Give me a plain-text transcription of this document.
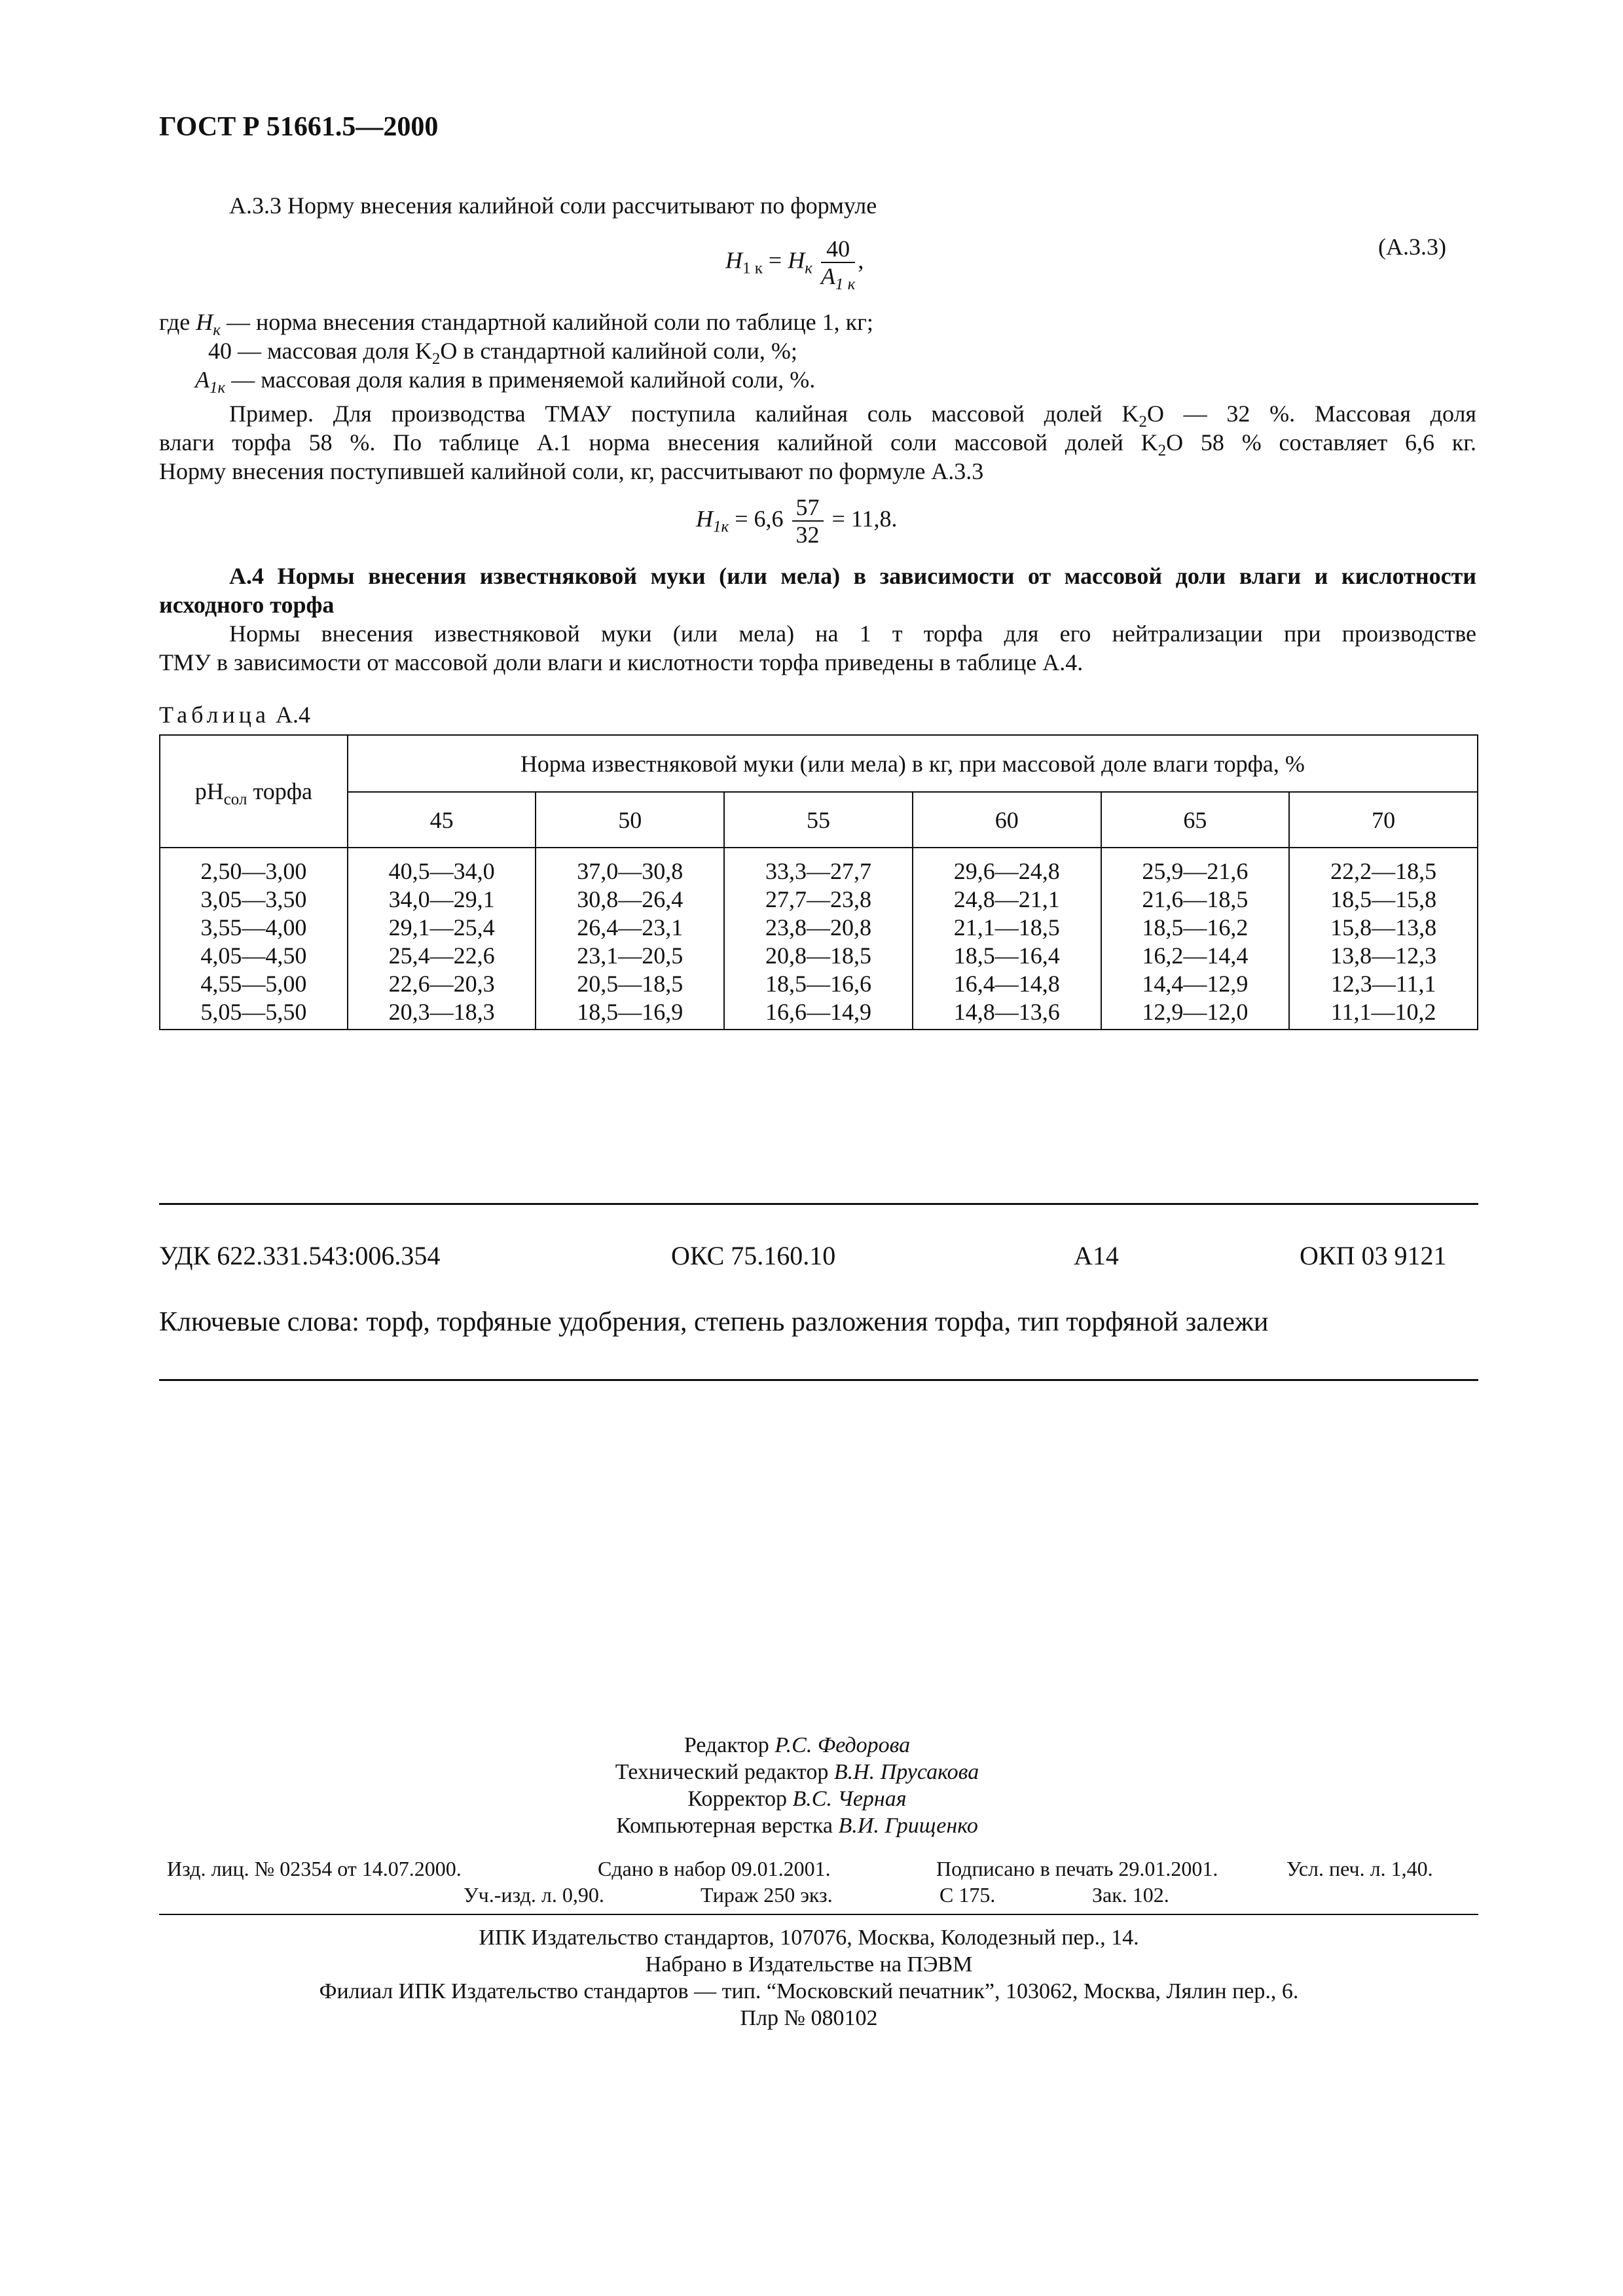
ГОСТ Р 51661.5—2000
А.3.3 Норму внесения калийной соли рассчитывают по формуле
$Н_{1 к} = Н_к \frac{40}{А_{1 к}}$ ,
(А.3.3)
где $Н_к$ — норма внесения стандартной калийной соли по таблице 1, кг;
40 — массовая доля $K_2O$ в стандартной калийной соли, %;
$А_{1к}$ — массовая доля калия в применяемой калийной соли, %.
Пример. Для производства ТМАУ поступила калийная соль массовой долей $K_2O$ — 32 %. Массовая доля
влаги торфа 58 %. По таблице А.1 норма внесения калийной соли массовой долей $K_2O$ 58 % составляет 6,6 кг.
Норму внесения поступившей калийной соли, кг, рассчитывают по формуле А.3.3
$Н_{1к} = 6,6 \frac{57}{32} = 11,8$.
А.4 Нормы внесения известняковой муки (или мела) в зависимости от массовой доли влаги и кислотности
исходного торфа
Нормы внесения известняковой муки (или мела) на 1 т торфа для его нейтрализации при производстве
ТМУ в зависимости от массовой доли влаги и кислотности торфа приведены в таблице А.4.
Таблица А.4
$pH_{сол}$ торфа	Норма известняковой муки (или мела) в кг, при массовой доле влаги торфа, %					
	45	50	55	60	65	70
2,50—3,00	40,5—34,0	37,0—30,8	33,3—27,7	29,6—24,8	25,9—21,6	22,2—18,5
3,05—3,50	34,0—29,1	30,8—26,4	27,7—23,8	24,8—21,1	21,6—18,5	18,5—15,8
3,55—4,00	29,1—25,4	26,4—23,1	23,8—20,8	21,1—18,5	18,5—16,2	15,8—13,8
4,05—4,50	25,4—22,6	23,1—20,5	20,8—18,5	18,5—16,4	16,2—14,4	13,8—12,3
4,55—5,00	22,6—20,3	20,5—18,5	18,5—16,6	16,4—14,8	14,4—12,9	12,3—11,1
5,05—5,50	20,3—18,3	18,5—16,9	16,6—14,9	14,8—13,6	12,9—12,0	11,1—10,2
УДК 622.331.543:006.354	ОКС 75.160.10	А14	ОКП 03 9121
Ключевые слова: торф, торфяные удобрения, степень разложения торфа, тип торфяной залежи
Редактор Р.С. Федорова
Технический редактор В.Н. Прусакова
Корректор В.С. Черная
Компьютерная верстка В.И. Грищенко
Изд. лиц. № 02354 от 14.07.2000.	Сдано в набор 09.01.2001.	Подписано в печать 29.01.2001.	Усл. печ. л. 1,40.
Уч.-изд. л. 0,90.	Тираж 250 экз.	С 175.	Зак. 102.
ИПК Издательство стандартов, 107076, Москва, Колодезный пер., 14.
Набрано в Издательстве на ПЭВМ
Филиал ИПК Издательство стандартов — тип. “Московский печатник”, 103062, Москва, Лялин пер., 6.
Плр № 080102
